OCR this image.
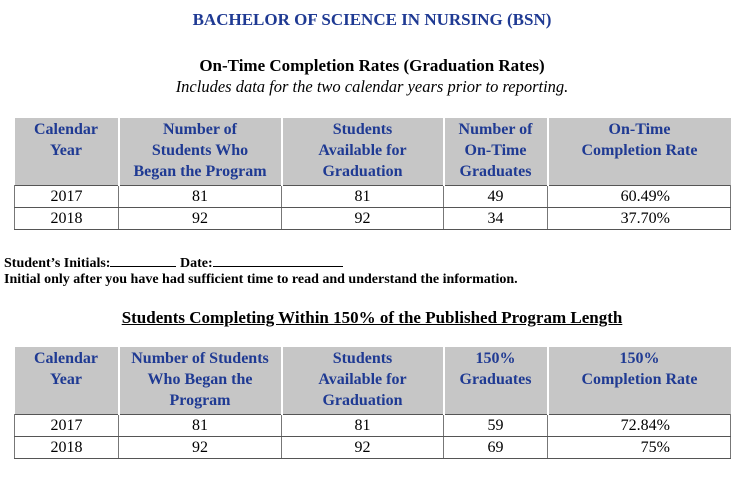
BACHELOR OF SCIENCE IN NURSING (BSN)
On-Time Completion Rates (Graduation Rates)
Includes data for the two calendar years prior to reporting.
Calendar Year	Number of Students Who Began the Program	Students Available for Graduation	Number of On-Time Graduates	On-Time Completion Rate
2017	81	81	49	60.49%
2018	92	92	34	37.70%
Student’s Initials:	Date:
Initial only after you have had sufficient time to read and understand the information.
Students Completing Within 150% of the Published Program Length
Calendar Year	Number of Students Who Began the Program	Students Available for Graduation	150% Graduates	150% Completion Rate
2017	81	81	59	72.84%
2018	92	92	69	75%
